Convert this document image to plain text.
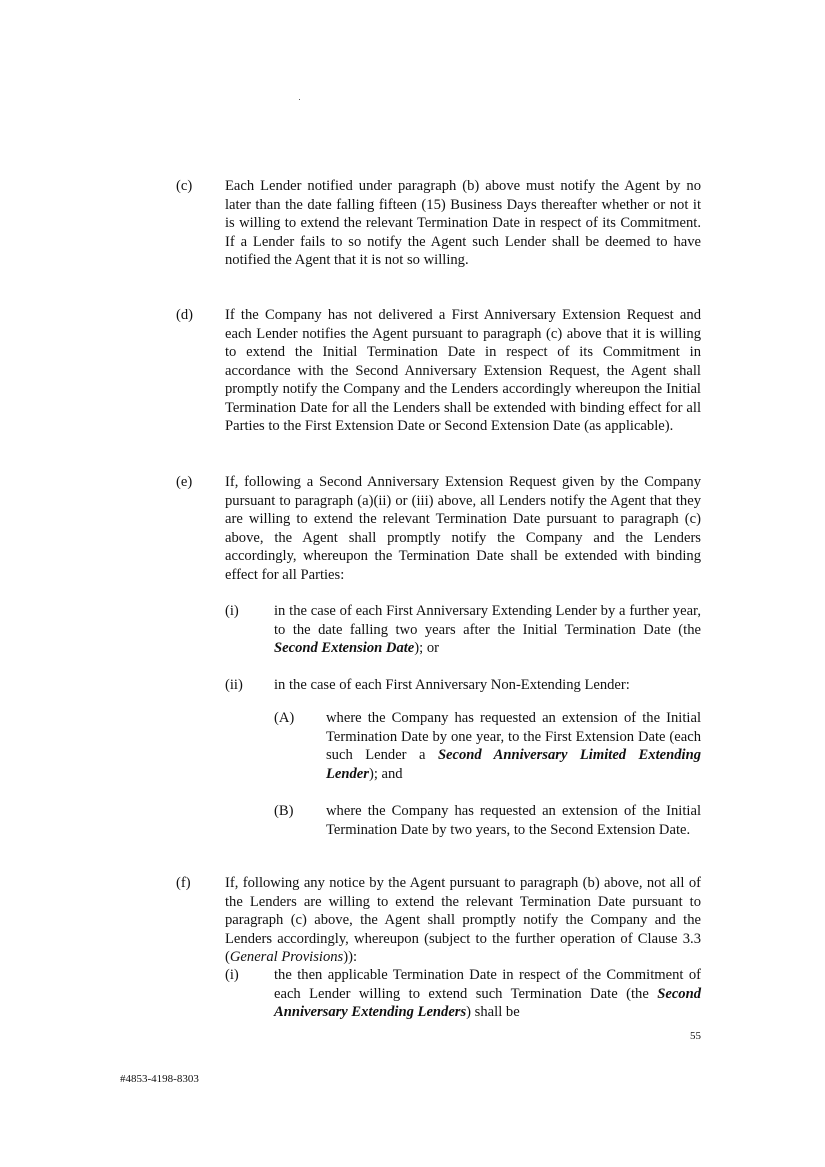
(c)	Each Lender notified under paragraph (b) above must notify the Agent by no later than the date falling fifteen (15) Business Days thereafter whether or not it is willing to extend the relevant Termination Date in respect of its Commitment. If a Lender fails to so notify the Agent such Lender shall be deemed to have notified the Agent that it is not so willing.
(d)	If the Company has not delivered a First Anniversary Extension Request and each Lender notifies the Agent pursuant to paragraph (c) above that it is willing to extend the Initial Termination Date in respect of its Commitment in accordance with the Second Anniversary Extension Request, the Agent shall promptly notify the Company and the Lenders accordingly whereupon the Initial Termination Date for all the Lenders shall be extended with binding effect for all Parties to the First Extension Date or Second Extension Date (as applicable).
(e)	If, following a Second Anniversary Extension Request given by the Company pursuant to paragraph (a)(ii) or (iii) above, all Lenders notify the Agent that they are willing to extend the relevant Termination Date pursuant to paragraph (c) above, the Agent shall promptly notify the Company and the Lenders accordingly, whereupon the Termination Date shall be extended with binding effect for all Parties:
(i)	in the case of each First Anniversary Extending Lender by a further year, to the date falling two years after the Initial Termination Date (the Second Extension Date); or
(ii)	in the case of each First Anniversary Non-Extending Lender:
(A)	where the Company has requested an extension of the Initial Termination Date by one year, to the First Extension Date (each such Lender a Second Anniversary Limited Extending Lender); and
(B)	where the Company has requested an extension of the Initial Termination Date by two years, to the Second Extension Date.
(f)	If, following any notice by the Agent pursuant to paragraph (b) above, not all of the Lenders are willing to extend the relevant Termination Date pursuant to paragraph (c) above, the Agent shall promptly notify the Company and the Lenders accordingly, whereupon (subject to the further operation of Clause 3.3 (General Provisions)):
(i)	the then applicable Termination Date in respect of the Commitment of each Lender willing to extend such Termination Date (the Second Anniversary Extending Lenders) shall be
55
#4853-4198-8303
